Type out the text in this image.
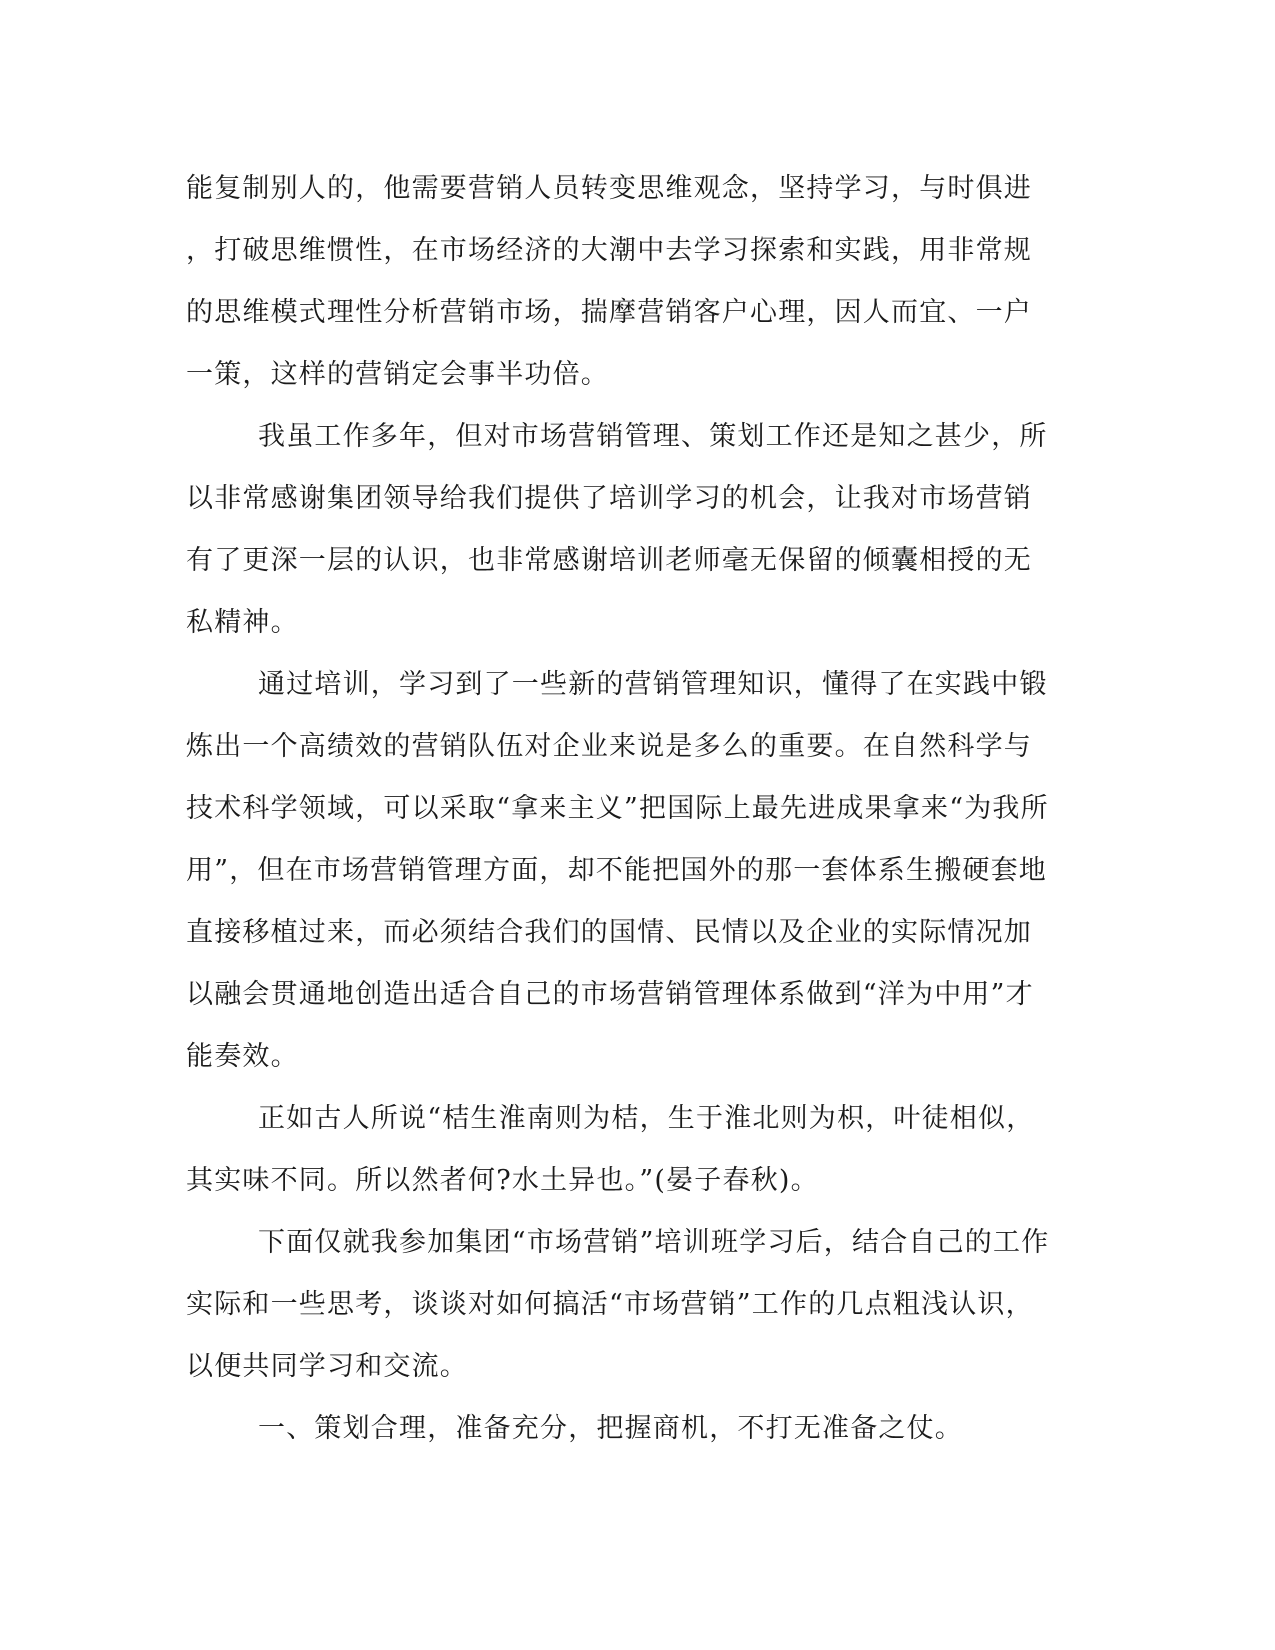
能复制别人的，他需要营销人员转变思维观念，坚持学习，与时俱进
，打破思维惯性，在市场经济的大潮中去学习探索和实践，用非常规
的思维模式理性分析营销市场，揣摩营销客户心理，因人而宜、一户
一策，这样的营销定会事半功倍。
我虽工作多年，但对市场营销管理、策划工作还是知之甚少，所
以非常感谢集团领导给我们提供了培训学习的机会，让我对市场营销
有了更深一层的认识，也非常感谢培训老师毫无保留的倾囊相授的无
私精神。
通过培训，学习到了一些新的营销管理知识，懂得了在实践中锻
炼出一个高绩效的营销队伍对企业来说是多么的重要。在自然科学与
技术科学领域，可以采取“拿来主义”把国际上最先进成果拿来“为我所
用”，但在市场营销管理方面，却不能把国外的那一套体系生搬硬套地
直接移植过来，而必须结合我们的国情、民情以及企业的实际情况加
以融会贯通地创造出适合自己的市场营销管理体系做到“洋为中用”才
能奏效。
正如古人所说“桔生淮南则为桔，生于淮北则为枳，叶徒相似，
其实味不同。所以然者何?水土异也。”(晏子春秋)。
下面仅就我参加集团“市场营销”培训班学习后，结合自己的工作
实际和一些思考，谈谈对如何搞活“市场营销”工作的几点粗浅认识，
以便共同学习和交流。
一、策划合理，准备充分，把握商机，不打无准备之仗。
